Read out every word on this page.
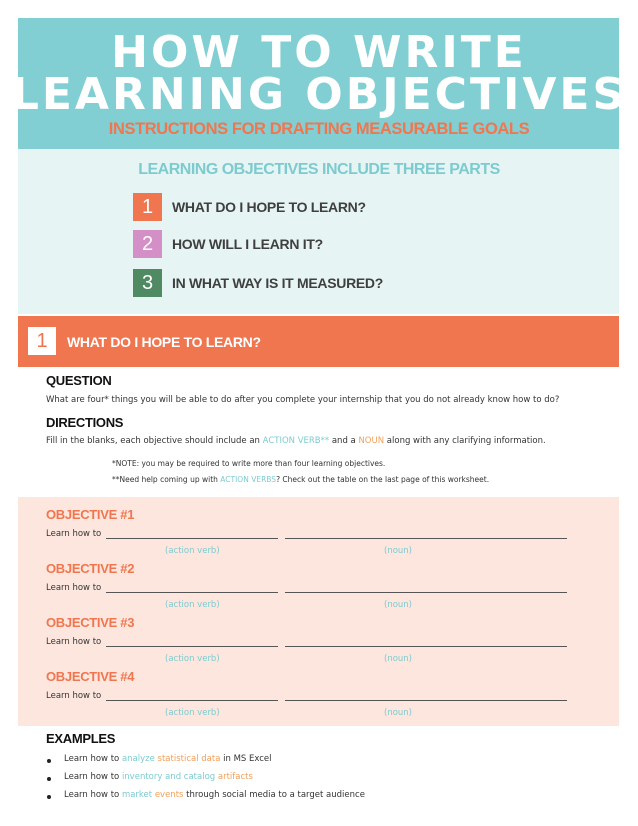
HOW TO WRITE
LEARNING OBJECTIVES
INSTRUCTIONS FOR DRAFTING MEASURABLE GOALS
LEARNING OBJECTIVES INCLUDE THREE PARTS
1	WHAT DO I HOPE TO LEARN?
2	HOW WILL I LEARN IT?
3	IN WHAT WAY IS IT MEASURED?
1	WHAT DO I HOPE TO LEARN?
QUESTION
What are four* things you will be able to do after you complete your internship that you do not already know how to do?
DIRECTIONS
Fill in the blanks, each objective should include an ACTION VERB** and a NOUN along with any clarifying information.
*NOTE: you may be required to write more than four learning objectives.
**Need help coming up with ACTION VERBS? Check out the table on the last page of this worksheet.
OBJECTIVE #1
Learn how to
(action verb)	(noun)
OBJECTIVE #2
Learn how to
(action verb)	(noun)
OBJECTIVE #3
Learn how to
(action verb)	(noun)
OBJECTIVE #4
Learn how to
(action verb)	(noun)
EXAMPLES
Learn how to analyze statistical data in MS Excel
Learn how to inventory and catalog artifacts
Learn how to market events through social media to a target audience
